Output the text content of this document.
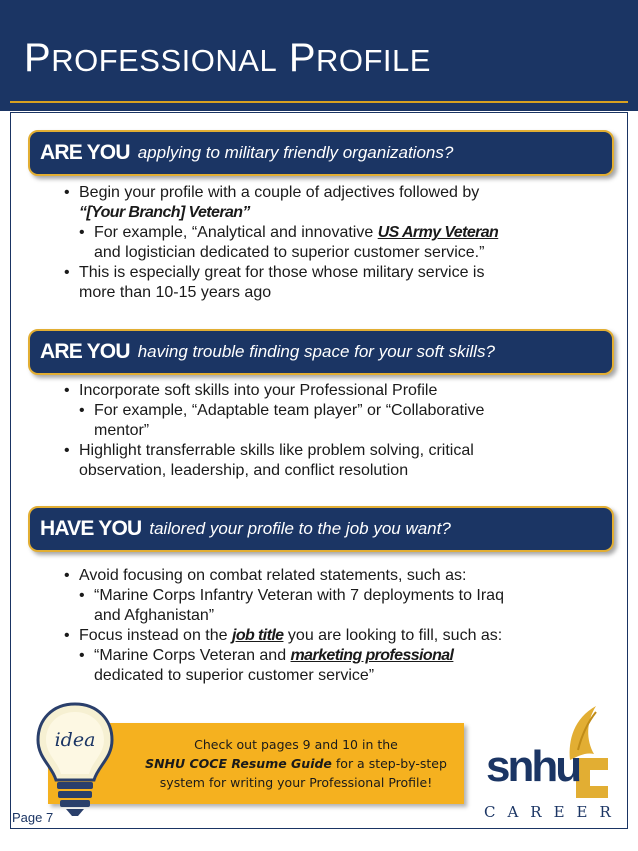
PROFESSIONAL PROFILE
ARE YOU applying to military friendly organizations?
• Begin your profile with a couple of adjectives followed by
“[Your Branch] Veteran”
• For example, “Analytical and innovative US Army Veteran
and logistician dedicated to superior customer service.”
• This is especially great for those whose military service is
more than 10-15 years ago
ARE YOU having trouble finding space for your soft skills?
• Incorporate soft skills into your Professional Profile
• For example, “Adaptable team player” or “Collaborative
mentor”
• Highlight transferrable skills like problem solving, critical
observation, leadership, and conflict resolution
HAVE YOU tailored your profile to the job you want?
• Avoid focusing on combat related statements, such as:
• “Marine Corps Infantry Veteran with 7 deployments to Iraq
and Afghanistan”
• Focus instead on the job title you are looking to fill, such as:
• “Marine Corps Veteran and marketing professional
dedicated to superior customer service”
Check out pages 9 and 10 in the
SNHU COCE Resume Guide for a step-by-step
system for writing your Professional Profile!
idea
Page 7
snhu
CAREER
